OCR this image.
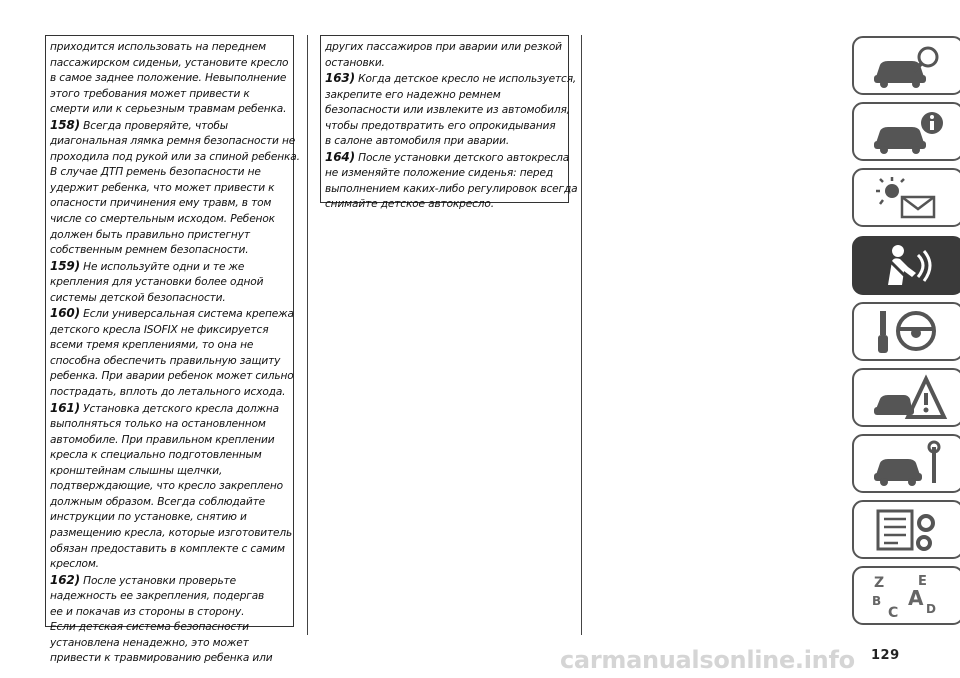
приходится использовать на переднем
пассажирском сиденьи, установите кресло
в самое заднее положение. Невыполнение
этого требования может привести к
смерти или к серьезным травмам ребенка.

158) Всегда проверяйте, чтобы
диагональная лямка ремня безопасности не
проходила под рукой или за спиной ребенка.
В случае ДТП ремень безопасности не
удержит ребенка, что может привести к
опасности причинения ему травм, в том
числе со смертельным исходом. Ребенок
должен быть правильно пристегнут
собственным ремнем безопасности.

159) Не используйте одни и те же
крепления для установки более одной
системы детской безопасности.

160) Если универсальная система крепежа
детского кресла ISOFIX не фиксируется
всеми тремя креплениями, то она не
способна обеспечить правильную защиту
ребенка. При аварии ребенок может сильно
пострадать, вплоть до летального исхода.

161) Установка детского кресла должна
выполняться только на остановленном
автомобиле. При правильном креплении
кресла к специально подготовленным
кронштейнам слышны щелчки,
подтверждающие, что кресло закреплено
должным образом. Всегда соблюдайте
инструкции по установке, снятию и
размещению кресла, которые изготовитель
обязан предоставить в комплекте с самим
креслом.

162) После установки проверьте
надежность ее закрепления, подергав
ее и покачав из стороны в сторону.
Если детская система безопасности
установлена ненадежно, это может
привести к травмированию ребенка или

других пассажиров при аварии или резкой
остановки.

163) Когда детское кресло не используется,
закрепите его надежно ремнем
безопасности или извлеките из автомобиля,
чтобы предотвратить его опрокидывания
в салоне автомобиля при аварии.

164) После установки детского автокресла
не изменяйте положение сиденья: перед
выполнением каких-либо регулировок всегда
снимайте детское автокресло.

Z	E
B A
C D
carmanualsonline.info 129
